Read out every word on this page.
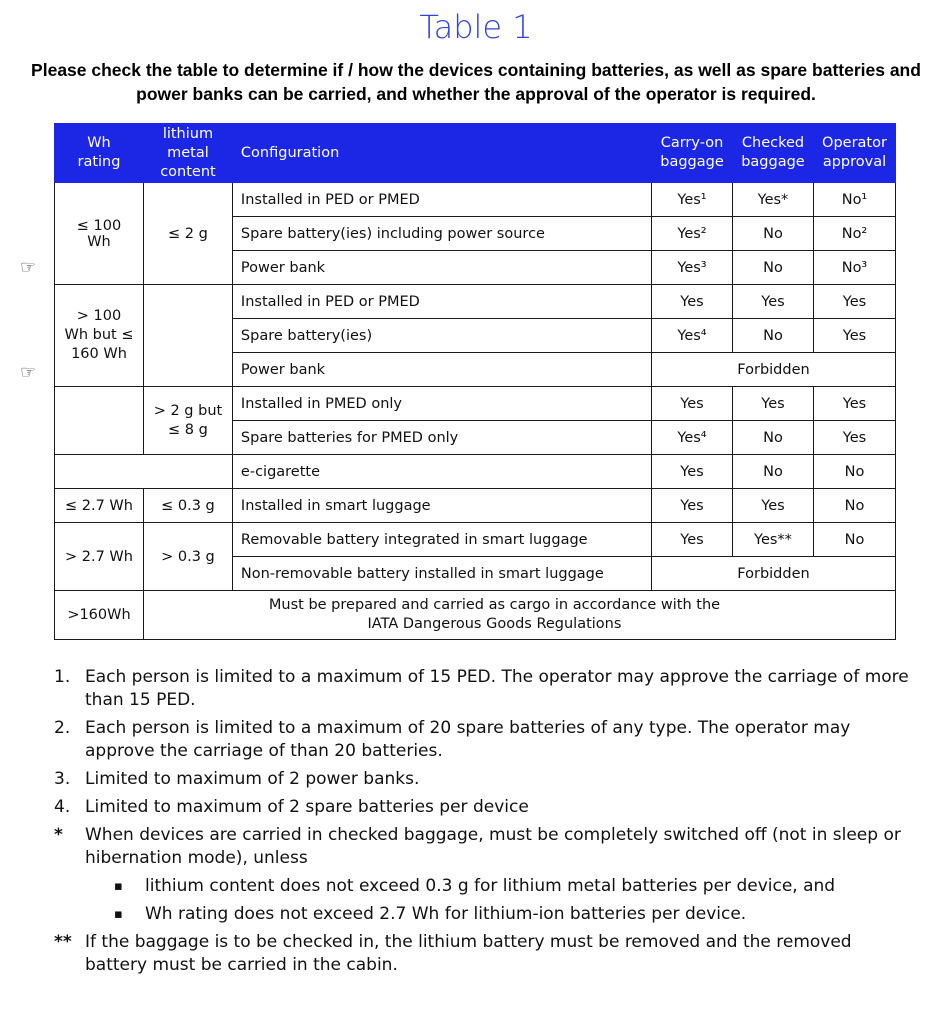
Table 1
Please check the table to determine if / how the devices containing batteries, as well as spare batteries and power banks can be carried, and whether the approval of the operator is required.
☞
☞
Wh rating	lithium metal content	Configuration	Carry-on baggage	Checked baggage	Operator approval
≤ 100 Wh	≤ 2 g	Installed in PED or PMED	Yes¹	Yes*	No¹
		Spare battery(ies) including power source	Yes²	No	No²
		Power bank	Yes³	No	No³
> 100 Wh but ≤ 160 Wh		Installed in PED or PMED	Yes	Yes	Yes
		Spare battery(ies)	Yes⁴	No	Yes
		Power bank	Forbidden		
	> 2 g but ≤ 8 g	Installed in PMED only	Yes	Yes	Yes
		Spare batteries for PMED only	Yes⁴	No	Yes
		e-cigarette	Yes	No	No
≤ 2.7 Wh	≤ 0.3 g	Installed in smart luggage	Yes	Yes	No
> 2.7 Wh	> 0.3 g	Removable battery integrated in smart luggage	Yes	Yes**	No
		Non-removable battery installed in smart luggage	Forbidden		
>160Wh	Must be prepared and carried as cargo in accordance with the IATA Dangerous Goods Regulations				
1. Each person is limited to a maximum of 15 PED. The operator may approve the carriage of more than 15 PED.
2. Each person is limited to a maximum of 20 spare batteries of any type. The operator may approve the carriage of than 20 batteries.
3. Limited to maximum of 2 power banks.
4. Limited to maximum of 2 spare batteries per device
*	When devices are carried in checked baggage, must be completely switched off (not in sleep or hibernation mode), unless
▪	lithium content does not exceed 0.3 g for lithium metal batteries per device, and
▪	Wh rating does not exceed 2.7 Wh for lithium-ion batteries per device.
** If the baggage is to be checked in, the lithium battery must be removed and the removed battery must be carried in the cabin.
